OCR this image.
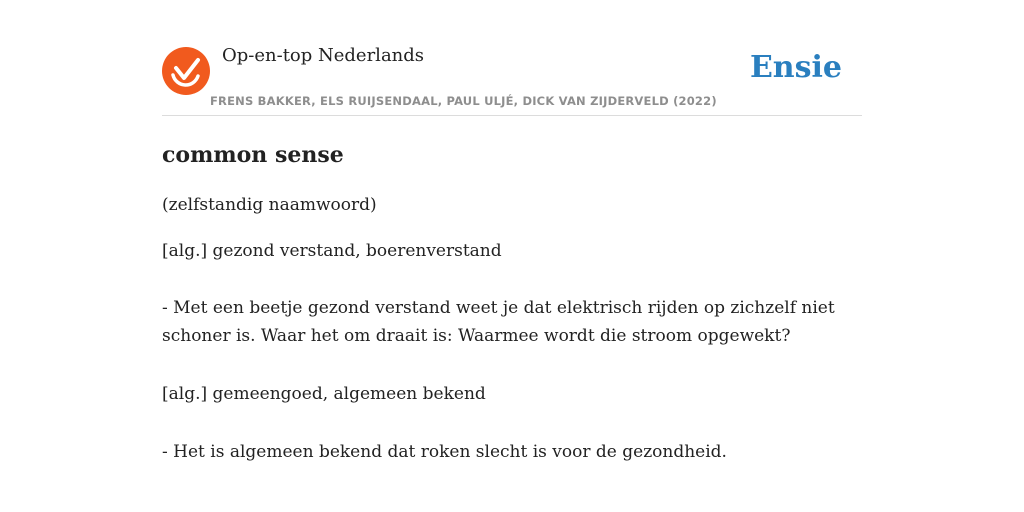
Op-en-top Nederlands
FRENS BAKKER, ELS RUIJSENDAAL, PAUL ULJÉ, DICK VAN ZIJDERVELD (2022)
Ensie
common sense
(zelfstandig naamwoord)
[alg.] gezond verstand, boerenverstand
- Met een beetje gezond verstand weet je dat elektrisch rijden op zichzelf niet schoner is. Waar het om draait is: Waarmee wordt die stroom opgewekt?
[alg.] gemeengoed, algemeen bekend
- Het is algemeen bekend dat roken slecht is voor de gezondheid.
